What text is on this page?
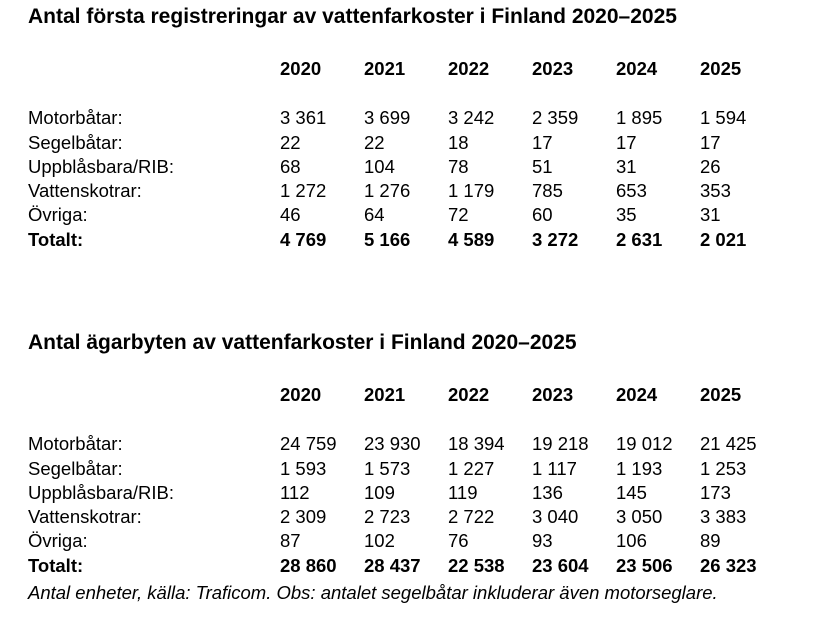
Antal första registreringar av vattenfarkoster i Finland 2020–2025
	2020	2021	2022	2023	2024	2025

Motorbåtar:	3 361	3 699	3 242	2 359	1 895	1 594
Segelbåtar:	22	22	18	17	17	17
Uppblåsbara/RIB:	68	104	78	51	31	26
Vattenskotrar:	1 272	1 276	1 179	785	653	353
Övriga:	46	64	72	60	35	31
Totalt:	4 769	5 166	4 589	3 272	2 631	2 021
Antal ägarbyten av vattenfarkoster i Finland 2020–2025
	2020	2021	2022	2023	2024	2025

Motorbåtar:	24 759	23 930	18 394	19 218	19 012	21 425
Segelbåtar:	1 593	1 573	1 227	1 117	1 193	1 253
Uppblåsbara/RIB:	112	109	119	136	145	173
Vattenskotrar:	2 309	2 723	2 722	3 040	3 050	3 383
Övriga:	87	102	76	93	106	89
Totalt:	28 860	28 437	22 538	23 604	23 506	26 323
Antal enheter, källa: Traficom. Obs: antalet segelbåtar inkluderar även motorseglare.
